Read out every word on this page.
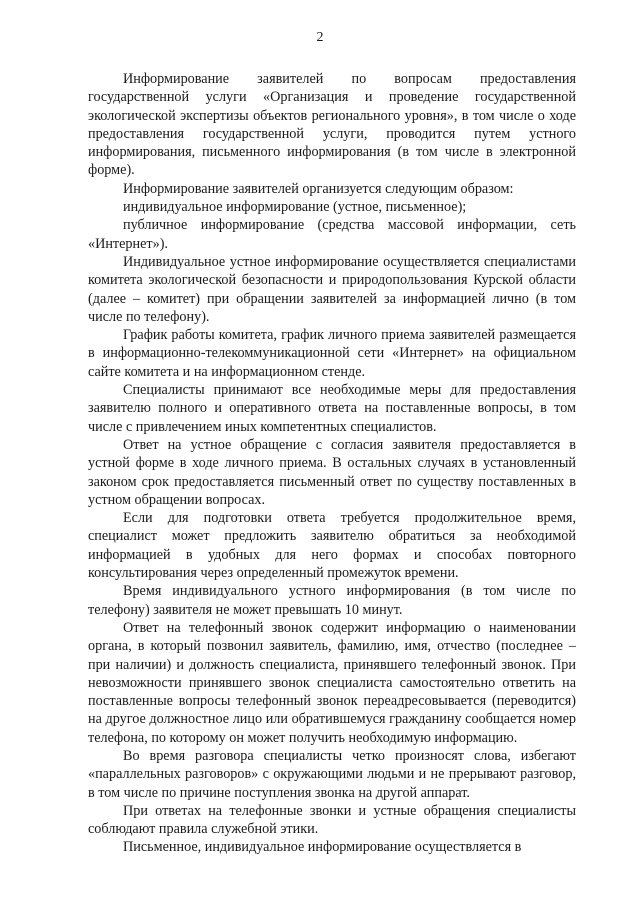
2

Информирование заявителей по вопросам предоставления государственной услуги «Организация и проведение государственной экологической экспертизы объектов регионального уровня», в том числе о ходе предоставления государственной услуги, проводится путем устного информирования, письменного информирования (в том числе в электронной форме).

Информирование заявителей организуется следующим образом:

индивидуальное информирование (устное, письменное);

публичное информирование (средства массовой информации, сеть «Интернет»).

Индивидуальное устное информирование осуществляется специалистами комитета экологической безопасности и природопользования Курской области (далее – комитет) при обращении заявителей за информацией лично (в том числе по телефону).

График работы комитета, график личного приема заявителей размещается в информационно-телекоммуникационной сети «Интернет» на официальном сайте комитета и на информационном стенде.

Специалисты принимают все необходимые меры для предоставления заявителю полного и оперативного ответа на поставленные вопросы, в том числе с привлечением иных компетентных специалистов.

Ответ на устное обращение с согласия заявителя предоставляется в устной форме в ходе личного приема. В остальных случаях в установленный законом срок предоставляется письменный ответ по существу поставленных в устном обращении вопросах.

Если для подготовки ответа требуется продолжительное время, специалист может предложить заявителю обратиться за необходимой информацией в удобных для него формах и способах повторного консультирования через определенный промежуток времени.

Время индивидуального устного информирования (в том числе по телефону) заявителя не может превышать 10 минут.

Ответ на телефонный звонок содержит информацию о наименовании органа, в который позвонил заявитель, фамилию, имя, отчество (последнее – при наличии) и должность специалиста, принявшего телефонный звонок. При невозможности принявшего звонок специалиста самостоятельно ответить на поставленные вопросы телефонный звонок переадресовывается (переводится) на другое должностное лицо или обратившемуся гражданину сообщается номер телефона, по которому он может получить необходимую информацию.

Во время разговора специалисты четко произносят слова, избегают «параллельных разговоров» с окружающими людьми и не прерывают разговор, в том числе по причине поступления звонка на другой аппарат.

При ответах на телефонные звонки и устные обращения специалисты соблюдают правила служебной этики.

Письменное, индивидуальное информирование осуществляется в
